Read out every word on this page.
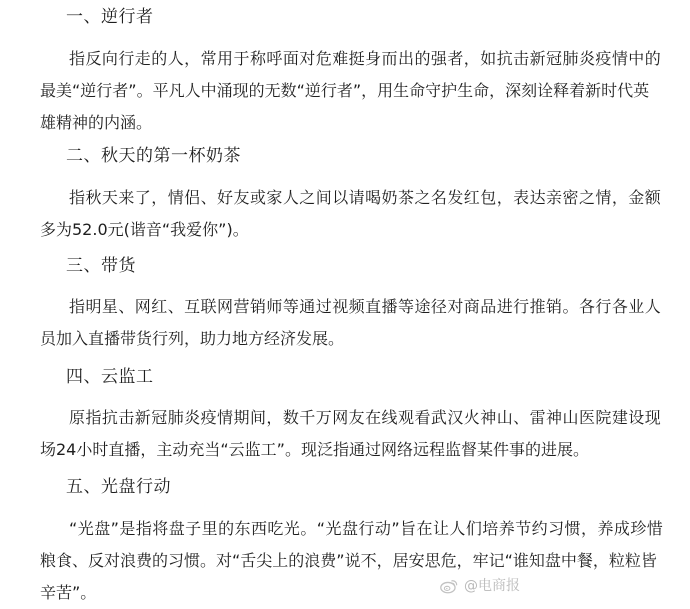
一、逆行者
指反向行走的人，常用于称呼面对危难挺身而出的强者，如抗击新冠肺炎疫情中的
最美“逆行者”。平凡人中涌现的无数“逆行者”，用生命守护生命，深刻诠释着新时代英
雄精神的内涵。
二、秋天的第一杯奶茶
指秋天来了，情侣、好友或家人之间以请喝奶茶之名发红包，表达亲密之情，金额
多为52.0元(谐音“我爱你”)。
三、带货
指明星、网红、互联网营销师等通过视频直播等途径对商品进行推销。各行各业人
员加入直播带货行列，助力地方经济发展。
四、云监工
原指抗击新冠肺炎疫情期间，数千万网友在线观看武汉火神山、雷神山医院建设现
场24小时直播，主动充当“云监工”。现泛指通过网络远程监督某件事的进展。
五、光盘行动
“光盘”是指将盘子里的东西吃光。“光盘行动”旨在让人们培养节约习惯，养成珍惜
粮食、反对浪费的习惯。对“舌尖上的浪费”说不，居安思危，牢记“谁知盘中餐，粒粒皆
辛苦”。	@电商报
